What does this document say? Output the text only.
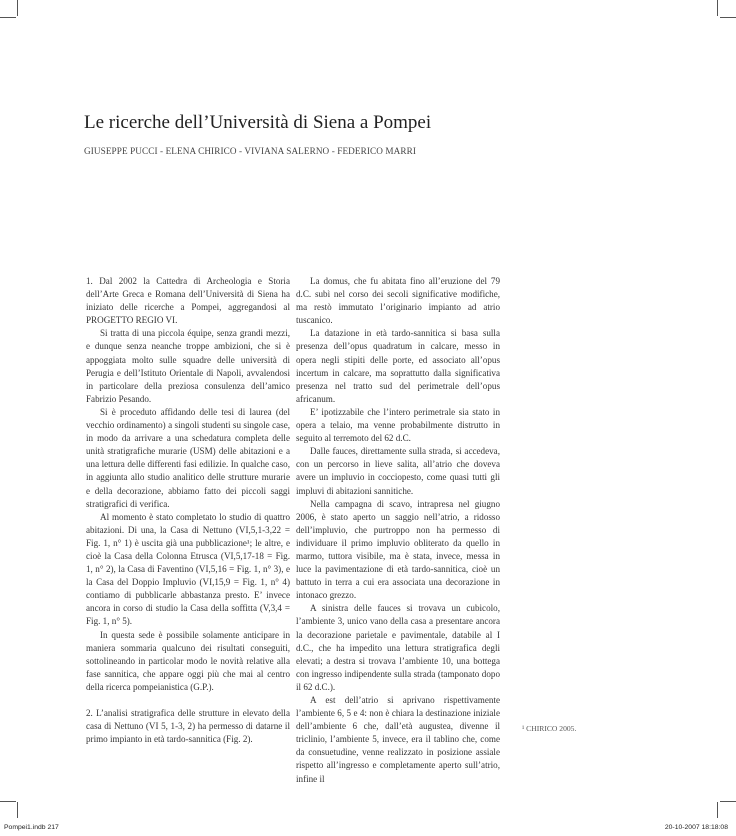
Le ricerche dell’Università di Siena a Pompei
GIUSEPPE PUCCI - ELENA CHIRICO - VIVIANA SALERNO - FEDERICO MARRI

1. Dal 2002 la Cattedra di Archeologia e Storia dell’Arte Greca e Romana dell’Università di Siena ha iniziato delle ricerche a Pompei, aggregandosi al PROGETTO REGIO VI.

Si tratta di una piccola équipe, senza grandi mezzi, e dunque senza neanche troppe ambizioni, che si è appoggiata molto sulle squadre delle università di Perugia e dell’Istituto Orientale di Napoli, avvalendosi in particolare della preziosa consulenza dell’amico Fabrizio Pesando.

Si è proceduto affidando delle tesi di laurea (del vecchio ordinamento) a singoli studenti su singole case, in modo da arrivare a una schedatura completa delle unità stratigrafiche murarie (USM) delle abitazioni e a una lettura delle differenti fasi edilizie. In qualche caso, in aggiunta allo studio analitico delle strutture murarie e della decorazione, abbiamo fatto dei piccoli saggi stratigrafici di verifica.

Al momento è stato completato lo studio di quattro abitazioni. Di una, la Casa di Nettuno (VI,5,1-3,22 = Fig. 1, n° 1) è uscita già una pubblicazione¹; le altre, e cioè la Casa della Colonna Etrusca (VI,5,17-18 = Fig. 1, n° 2), la Casa di Faventino (VI,5,16 = Fig. 1, n° 3), e la Casa del Doppio Impluvio (VI,15,9 = Fig. 1, n° 4) contiamo di pubblicarle abbastanza presto. E’ invece ancora in corso di studio la Casa della soffitta (V,3,4 = Fig. 1, n° 5).

In questa sede è possibile solamente anticipare in maniera sommaria qualcuno dei risultati conseguiti, sottolineando in particolar modo le novità relative alla fase sannitica, che appare oggi più che mai al centro della ricerca pompeianistica (G.P.).

2. L’analisi stratigrafica delle strutture in elevato della casa di Nettuno (VI 5, 1-3, 2) ha permesso di datarne il primo impianto in età tardo-sannitica (Fig. 2).

La domus, che fu abitata fino all’eruzione del 79 d.C. subì nel corso dei secoli significative modifiche, ma restò immutato l’originario impianto ad atrio tuscanico.

La datazione in età tardo-sannitica si basa sulla presenza dell’opus quadratum in calcare, messo in opera negli stipiti delle porte, ed associato all’opus incertum in calcare, ma soprattutto dalla significativa presenza nel tratto sud del perimetrale dell’opus africanum.

E’ ipotizzabile che l’intero perimetrale sia stato in opera a telaio, ma venne probabilmente distrutto in seguito al terremoto del 62 d.C.

Dalle fauces, direttamente sulla strada, si accedeva, con un percorso in lieve salita, all’atrio che doveva avere un impluvio in cocciopesto, come quasi tutti gli impluvi di abitazioni sannitiche.

Nella campagna di scavo, intrapresa nel giugno 2006, è stato aperto un saggio nell’atrio, a ridosso dell’impluvio, che purtroppo non ha permesso di individuare il primo impluvio obliterato da quello in marmo, tuttora visibile, ma è stata, invece, messa in luce la pavimentazione di età tardo-sannitica, cioè un battuto in terra a cui era associata una decorazione in intonaco grezzo.

A sinistra delle fauces si trovava un cubicolo, l’ambiente 3, unico vano della casa a presentare ancora la decorazione parietale e pavimentale, databile al I d.C., che ha impedito una lettura stratigrafica degli elevati; a destra si trovava l’ambiente 10, una bottega con ingresso indipendente sulla strada (tamponato dopo il 62 d.C.).

A est dell’atrio si aprivano rispettivamente l’ambiente 6, 5 e 4: non è chiara la destinazione iniziale dell’ambiente 6 che, dall’età augustea, divenne il triclinio, l’ambiente 5, invece, era il tablino che, come da consuetudine, venne realizzato in posizione assiale rispetto all’ingresso e completamente aperto sull’atrio, infine il

¹ CHIRICO 2005.
Pompei1.indb 217	20-10-2007 18:18:08
